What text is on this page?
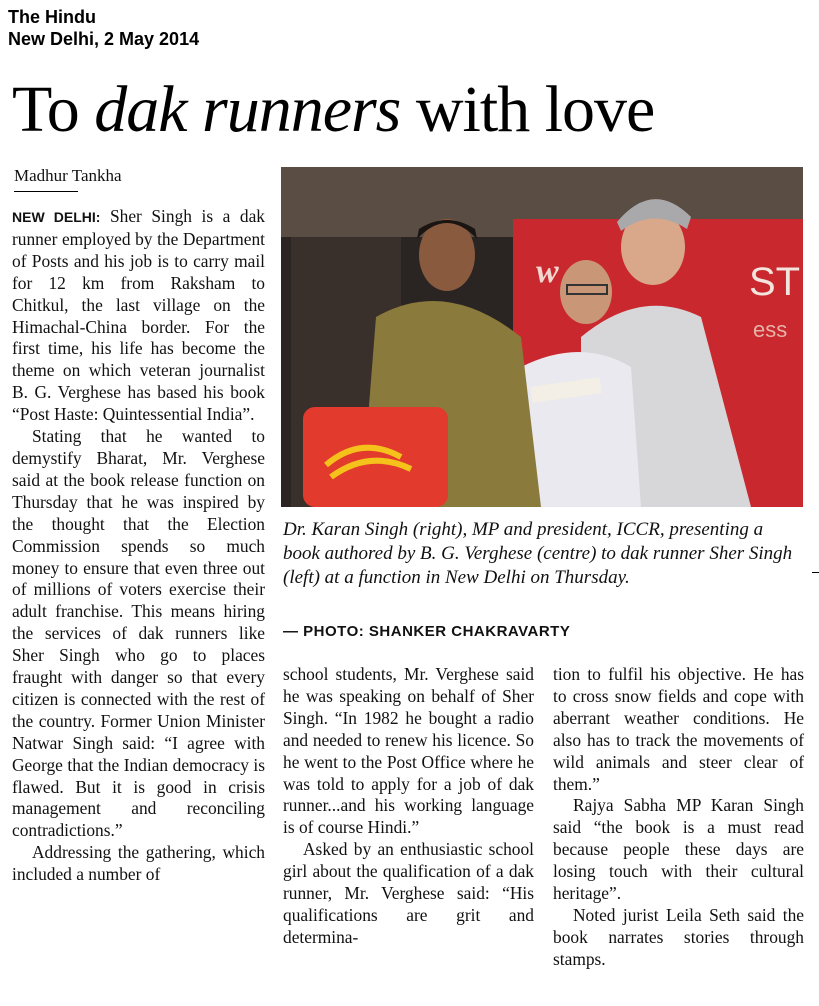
The Hindu
New Delhi, 2 May 2014
To dak runners with love
Madhur Tankha

NEW DELHI: Sher Singh is a dak runner employed by the Department of Posts and his job is to carry mail for 12 km from Raksham to Chitkul, the last village on the Himachal-China border. For the first time, his life has become the theme on which veteran journalist B. G. Verghese has based his book “Post Haste: Quintessential India”.

Stating that he wanted to demystify Bharat, Mr. Verghese said at the book release function on Thursday that he was inspired by the thought that the Election Commission spends so much money to ensure that even three out of millions of voters exercise their adult franchise. This means hiring the services of dak runners like Sher Singh who go to places fraught with danger so that every citizen is connected with the rest of the country. Former Union Minister Natwar Singh said: “I agree with George that the Indian democracy is flawed. But it is good in crisis management and reconciling contradictions.”

Addressing the gathering, which included a number of

w	ST
ess
Dr. Karan Singh (right), MP and president, ICCR, presenting a book authored by B. G. Verghese (centre) to dak runner Sher Singh (left) at a function in New Delhi on Thursday.
— PHOTO: SHANKER CHAKRAVARTY

school students, Mr. Verghese said he was speaking on behalf of Sher Singh. “In 1982 he bought a radio and needed to renew his licence. So he went to the Post Office where he was told to apply for a job of dak runner...and his working language is of course Hindi.”

Asked by an enthusiastic school girl about the qualification of a dak runner, Mr. Verghese said: “His qualifications are grit and determina-

tion to fulfil his objective. He has to cross snow fields and cope with aberrant weather conditions. He also has to track the movements of wild animals and steer clear of them.”

Rajya Sabha MP Karan Singh said “the book is a must read because people these days are losing touch with their cultural heritage”.

Noted jurist Leila Seth said the book narrates stories through stamps.
